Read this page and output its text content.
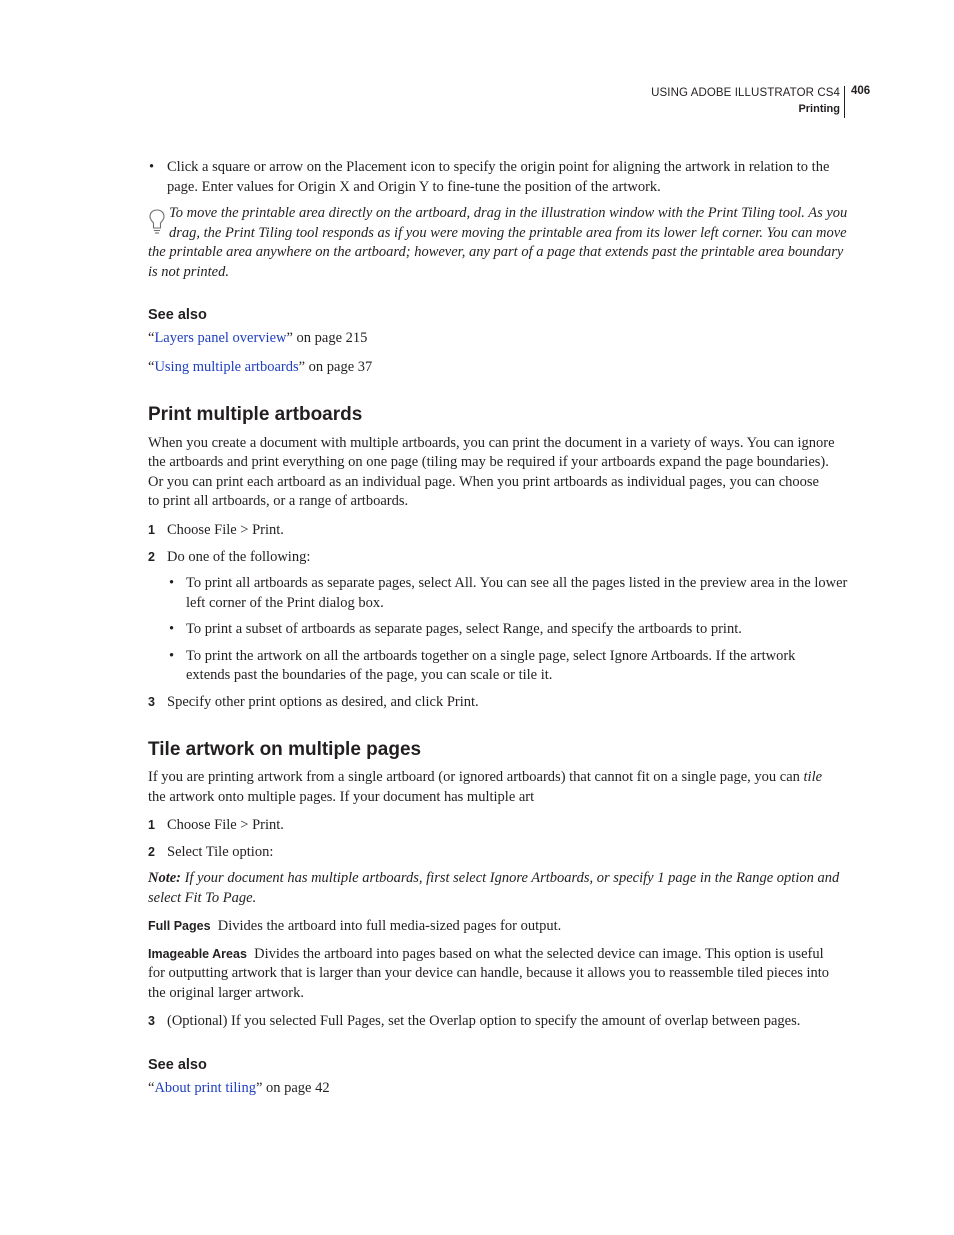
USING ADOBE ILLUSTRATOR CS4
Printing
406
• Click a square or arrow on the Placement icon to specify the origin point for aligning the artwork in relation to the
page. Enter values for Origin X and Origin Y to fine-tune the position of the artwork.
To move the printable area directly on the artboard, drag in the illustration window with the Print Tiling tool. As you
drag, the Print Tiling tool responds as if you were moving the printable area from its lower left corner. You can move
the printable area anywhere on the artboard; however, any part of a page that extends past the printable area boundary
is not printed.
See also
“Layers panel overview” on page 215
“Using multiple artboards” on page 37
Print multiple artboards
When you create a document with multiple artboards, you can print the document in a variety of ways. You can ignore
the artboards and print everything on one page (tiling may be required if your artboards expand the page boundaries).
Or you can print each artboard as an individual page. When you print artboards as individual pages, you can choose
to print all artboards, or a range of artboards.
1 Choose File > Print.
2 Do one of the following:
• To print all artboards as separate pages, select All. You can see all the pages listed in the preview area in the lower
left corner of the Print dialog box.
• To print a subset of artboards as separate pages, select Range, and specify the artboards to print.
• To print the artwork on all the artboards together on a single page, select Ignore Artboards. If the artwork
extends past the boundaries of the page, you can scale or tile it.
3 Specify other print options as desired, and click Print.
Tile artwork on multiple pages
If you are printing artwork from a single artboard (or ignored artboards) that cannot fit on a single page, you can tile
the artwork onto multiple pages. If your document has multiple art
1 Choose File > Print.
2 Select Tile option:
Note: If your document has multiple artboards, first select Ignore Artboards, or specify 1 page in the Range option and
select Fit To Page.
Full Pages Divides the artboard into full media-sized pages for output.
Imageable Areas Divides the artboard into pages based on what the selected device can image. This option is useful
for outputting artwork that is larger than your device can handle, because it allows you to reassemble tiled pieces into
the original larger artwork.
3 (Optional) If you selected Full Pages, set the Overlap option to specify the amount of overlap between pages.
See also
“About print tiling” on page 42
